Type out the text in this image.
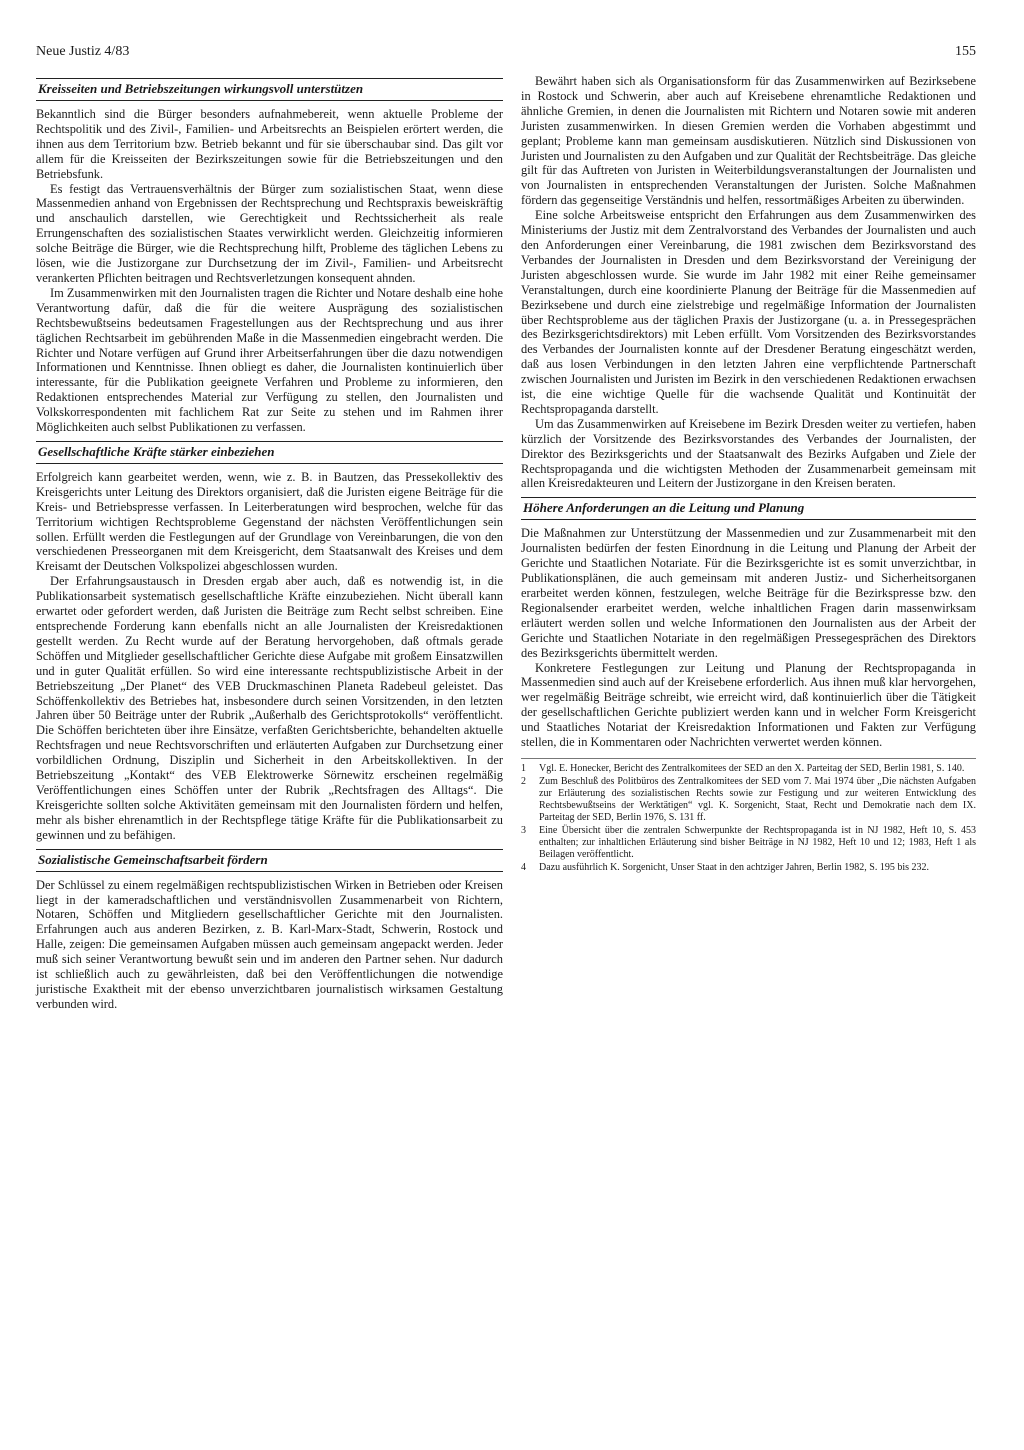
Neue Justiz 4/83	155
Kreisseiten und Betriebszeitungen wirkungsvoll unterstützen

Bekanntlich sind die Bürger besonders aufnahmebereit, wenn aktuelle Probleme der Rechtspolitik und des Zivil-, Familien- und Arbeitsrechts an Beispielen erörtert werden, die ihnen aus dem Territorium bzw. Betrieb bekannt und für sie überschaubar sind. Das gilt vor allem für die Kreisseiten der Bezirkszeitungen sowie für die Betriebszeitungen und den Betriebsfunk.

Es festigt das Vertrauensverhältnis der Bürger zum sozialistischen Staat, wenn diese Massenmedien anhand von Ergebnissen der Rechtsprechung und Rechtspraxis beweiskräftig und anschaulich darstellen, wie Gerechtigkeit und Rechtssicherheit als reale Errungenschaften des sozialistischen Staates verwirklicht werden. Gleichzeitig informieren solche Beiträge die Bürger, wie die Rechtsprechung hilft, Probleme des täglichen Lebens zu lösen, wie die Justizorgane zur Durchsetzung der im Zivil-, Familien- und Arbeitsrecht verankerten Pflichten beitragen und Rechtsverletzungen konsequent ahnden.

Im Zusammenwirken mit den Journalisten tragen die Richter und Notare deshalb eine hohe Verantwortung dafür, daß die für die weitere Ausprägung des sozialistischen Rechtsbewußtseins bedeutsamen Fragestellungen aus der Rechtsprechung und aus ihrer täglichen Rechtsarbeit im gebührenden Maße in die Massenmedien eingebracht werden. Die Richter und Notare verfügen auf Grund ihrer Arbeitserfahrungen über die dazu notwendigen Informationen und Kenntnisse. Ihnen obliegt es daher, die Journalisten kontinuierlich über interessante, für die Publikation geeignete Verfahren und Probleme zu informieren, den Redaktionen entsprechendes Material zur Verfügung zu stellen, den Journalisten und Volkskorrespondenten mit fachlichem Rat zur Seite zu stehen und im Rahmen ihrer Möglichkeiten auch selbst Publikationen zu verfassen.

Gesellschaftliche Kräfte stärker einbeziehen

Erfolgreich kann gearbeitet werden, wenn, wie z. B. in Bautzen, das Pressekollektiv des Kreisgerichts unter Leitung des Direktors organisiert, daß die Juristen eigene Beiträge für die Kreis- und Betriebspresse verfassen. In Leiterberatungen wird besprochen, welche für das Territorium wichtigen Rechtsprobleme Gegenstand der nächsten Veröffentlichungen sein sollen. Erfüllt werden die Festlegungen auf der Grundlage von Vereinbarungen, die von den verschiedenen Presseorganen mit dem Kreisgericht, dem Staatsanwalt des Kreises und dem Kreisamt der Deutschen Volkspolizei abgeschlossen wurden.

Der Erfahrungsaustausch in Dresden ergab aber auch, daß es notwendig ist, in die Publikationsarbeit systematisch gesellschaftliche Kräfte einzubeziehen. Nicht überall kann erwartet oder gefordert werden, daß Juristen die Beiträge zum Recht selbst schreiben. Eine entsprechende Forderung kann ebenfalls nicht an alle Journalisten der Kreisredaktionen gestellt werden. Zu Recht wurde auf der Beratung hervorgehoben, daß oftmals gerade Schöffen und Mitglieder gesellschaftlicher Gerichte diese Aufgabe mit großem Einsatzwillen und in guter Qualität erfüllen. So wird eine interessante rechtspublizistische Arbeit in der Betriebszeitung „Der Planet“ des VEB Druckmaschinen Planeta Radebeul geleistet. Das Schöffenkollektiv des Betriebes hat, insbesondere durch seinen Vorsitzenden, in den letzten Jahren über 50 Beiträge unter der Rubrik „Außerhalb des Gerichtsprotokolls“ veröffentlicht. Die Schöffen berichteten über ihre Einsätze, verfaßten Gerichtsberichte, behandelten aktuelle Rechtsfragen und neue Rechtsvorschriften und erläuterten Aufgaben zur Durchsetzung einer vorbildlichen Ordnung, Disziplin und Sicherheit in den Arbeitskollektiven. In der Betriebszeitung „Kontakt“ des VEB Elektrowerke Sörnewitz erscheinen regelmäßig Veröffentlichungen eines Schöffen unter der Rubrik „Rechtsfragen des Alltags“. Die Kreisgerichte sollten solche Aktivitäten gemeinsam mit den Journalisten fördern und helfen, mehr als bisher ehrenamtlich in der Rechtspflege tätige Kräfte für die Publikationsarbeit zu gewinnen und zu befähigen.

Sozialistische Gemeinschaftsarbeit fördern

Der Schlüssel zu einem regelmäßigen rechtspublizistischen Wirken in Betrieben oder Kreisen liegt in der kameradschaftlichen und verständnisvollen Zusammenarbeit von Richtern, Notaren, Schöffen und Mitgliedern gesellschaftlicher Gerichte mit den Journalisten. Erfahrungen auch aus anderen Bezirken, z. B. Karl-Marx-Stadt, Schwerin, Rostock und Halle, zeigen: Die gemeinsamen Aufgaben müssen auch gemeinsam angepackt werden. Jeder muß sich seiner Verantwortung bewußt sein und im anderen den Partner sehen. Nur dadurch ist schließlich auch zu gewährleisten, daß bei den Veröffentlichungen die notwendige juristische Exaktheit mit der ebenso unverzichtbaren journalistisch wirksamen Gestaltung verbunden wird.

Bewährt haben sich als Organisationsform für das Zusammenwirken auf Bezirksebene in Rostock und Schwerin, aber auch auf Kreisebene ehrenamtliche Redaktionen und ähnliche Gremien, in denen die Journalisten mit Richtern und Notaren sowie mit anderen Juristen zusammenwirken. In diesen Gremien werden die Vorhaben abgestimmt und geplant; Probleme kann man gemeinsam ausdiskutieren. Nützlich sind Diskussionen von Juristen und Journalisten zu den Aufgaben und zur Qualität der Rechtsbeiträge. Das gleiche gilt für das Auftreten von Juristen in Weiterbildungsveranstaltungen der Journalisten und von Journalisten in entsprechenden Veranstaltungen der Juristen. Solche Maßnahmen fördern das gegenseitige Verständnis und helfen, ressortmäßiges Arbeiten zu überwinden.

Eine solche Arbeitsweise entspricht den Erfahrungen aus dem Zusammenwirken des Ministeriums der Justiz mit dem Zentralvorstand des Verbandes der Journalisten und auch den Anforderungen einer Vereinbarung, die 1981 zwischen dem Bezirksvorstand des Verbandes der Journalisten in Dresden und dem Bezirksvorstand der Vereinigung der Juristen abgeschlossen wurde. Sie wurde im Jahr 1982 mit einer Reihe gemeinsamer Veranstaltungen, durch eine koordinierte Planung der Beiträge für die Massenmedien auf Bezirksebene und durch eine zielstrebige und regelmäßige Information der Journalisten über Rechtsprobleme aus der täglichen Praxis der Justizorgane (u. a. in Pressegesprächen des Bezirksgerichtsdirektors) mit Leben erfüllt. Vom Vorsitzenden des Bezirksvorstandes des Verbandes der Journalisten konnte auf der Dresdener Beratung eingeschätzt werden, daß aus losen Verbindungen in den letzten Jahren eine verpflichtende Partnerschaft zwischen Journalisten und Juristen im Bezirk in den verschiedenen Redaktionen erwachsen ist, die eine wichtige Quelle für die wachsende Qualität und Kontinuität der Rechtspropaganda darstellt.

Um das Zusammenwirken auf Kreisebene im Bezirk Dresden weiter zu vertiefen, haben kürzlich der Vorsitzende des Bezirksvorstandes des Verbandes der Journalisten, der Direktor des Bezirksgerichts und der Staatsanwalt des Bezirks Aufgaben und Ziele der Rechtspropaganda und die wichtigsten Methoden der Zusammenarbeit gemeinsam mit allen Kreisredakteuren und Leitern der Justizorgane in den Kreisen beraten.

Höhere Anforderungen an die Leitung und Planung

Die Maßnahmen zur Unterstützung der Massenmedien und zur Zusammenarbeit mit den Journalisten bedürfen der festen Einordnung in die Leitung und Planung der Arbeit der Gerichte und Staatlichen Notariate. Für die Bezirksgerichte ist es somit unverzichtbar, in Publikationsplänen, die auch gemeinsam mit anderen Justiz- und Sicherheitsorganen erarbeitet werden können, festzulegen, welche Beiträge für die Bezirkspresse bzw. den Regionalsender erarbeitet werden, welche inhaltlichen Fragen darin massenwirksam erläutert werden sollen und welche Informationen den Journalisten aus der Arbeit der Gerichte und Staatlichen Notariate in den regelmäßigen Pressegesprächen des Direktors des Bezirksgerichts übermittelt werden.

Konkretere Festlegungen zur Leitung und Planung der Rechtspropaganda in Massenmedien sind auch auf der Kreisebene erforderlich. Aus ihnen muß klar hervorgehen, wer regelmäßig Beiträge schreibt, wie erreicht wird, daß kontinuierlich über die Tätigkeit der gesellschaftlichen Gerichte publiziert werden kann und in welcher Form Kreisgericht und Staatliches Notariat der Kreisredaktion Informationen und Fakten zur Verfügung stellen, die in Kommentaren oder Nachrichten verwertet werden können.

1	Vgl. E. Honecker, Bericht des Zentralkomitees der SED an den X. Parteitag der SED, Berlin 1981, S. 140.
2	Zum Beschluß des Politbüros des Zentralkomitees der SED vom 7. Mai 1974 über „Die nächsten Aufgaben zur Erläuterung des sozialistischen Rechts sowie zur Festigung und zur weiteren Entwicklung des Rechtsbewußtseins der Werktätigen“ vgl. K. Sorgenicht, Staat, Recht und Demokratie nach dem IX. Parteitag der SED, Berlin 1976, S. 131 ff.
3	Eine Übersicht über die zentralen Schwerpunkte der Rechtspropaganda ist in NJ 1982, Heft 10, S. 453 enthalten; zur inhaltlichen Erläuterung sind bisher Beiträge in NJ 1982, Heft 10 und 12; 1983, Heft 1 als Beilagen veröffentlicht.
4	Dazu ausführlich K. Sorgenicht, Unser Staat in den achtziger Jahren, Berlin 1982, S. 195 bis 232.
